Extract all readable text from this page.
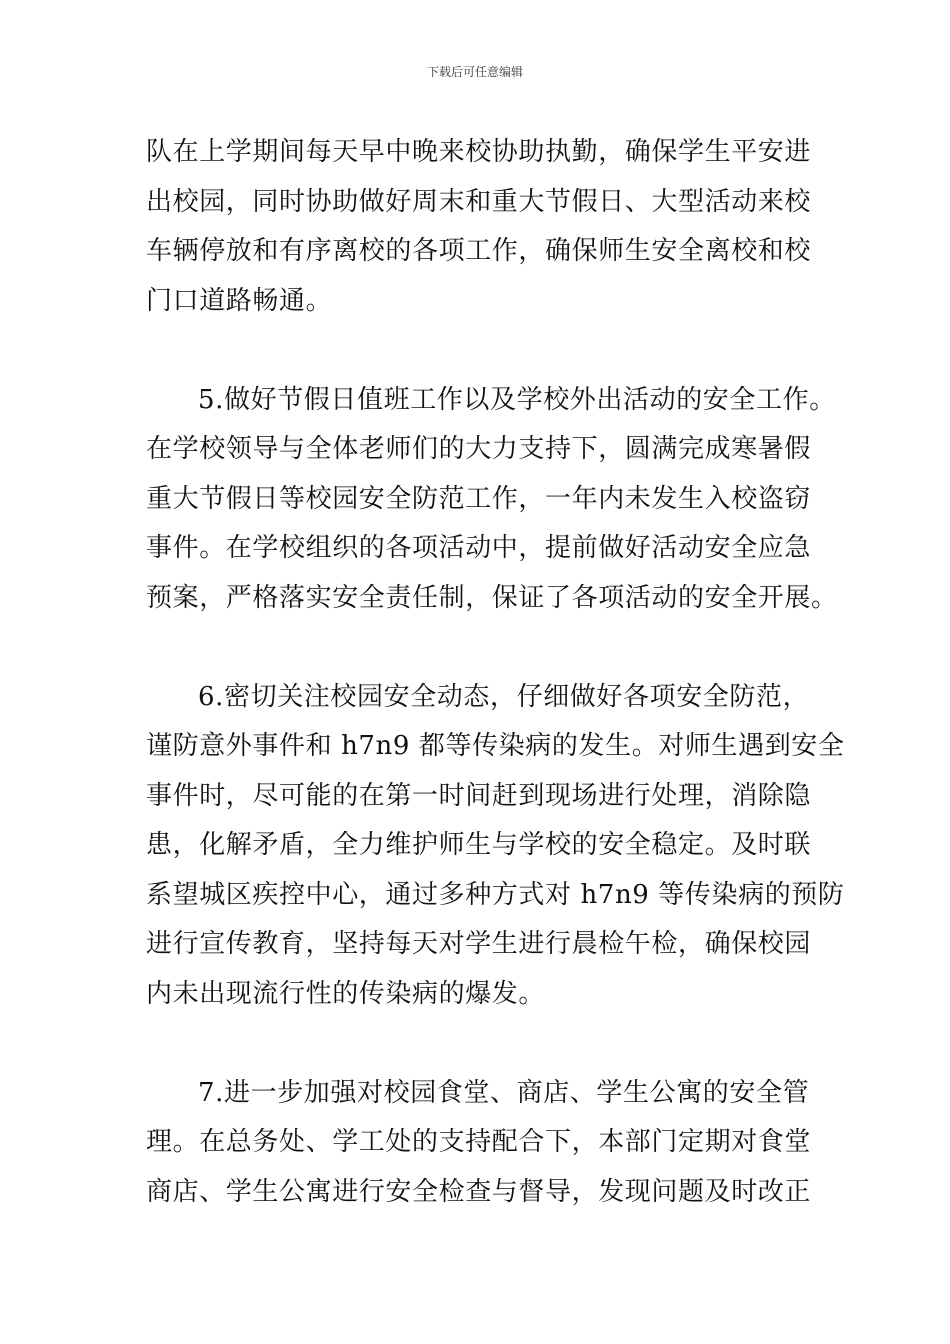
下载后可任意编辑
队在上学期间每天早中晚来校协助执勤，确保学生平安进
出校园，同时协助做好周末和重大节假日、大型活动来校
车辆停放和有序离校的各项工作，确保师生安全离校和校
门口道路畅通。
5.做好节假日值班工作以及学校外出活动的安全工作。
在学校领导与全体老师们的大力支持下，圆满完成寒暑假
重大节假日等校园安全防范工作，一年内未发生入校盗窃
事件。在学校组织的各项活动中，提前做好活动安全应急
预案，严格落实安全责任制，保证了各项活动的安全开展。
6.密切关注校园安全动态，仔细做好各项安全防范，
谨防意外事件和 h7n9 都等传染病的发生。对师生遇到安全
事件时，尽可能的在第一时间赶到现场进行处理，消除隐
患，化解矛盾，全力维护师生与学校的安全稳定。及时联
系望城区疾控中心，通过多种方式对 h7n9 等传染病的预防
进行宣传教育，坚持每天对学生进行晨检午检，确保校园
内未出现流行性的传染病的爆发。
7.进一步加强对校园食堂、商店、学生公寓的安全管
理。在总务处、学工处的支持配合下，本部门定期对食堂
商店、学生公寓进行安全检查与督导，发现问题及时改正
